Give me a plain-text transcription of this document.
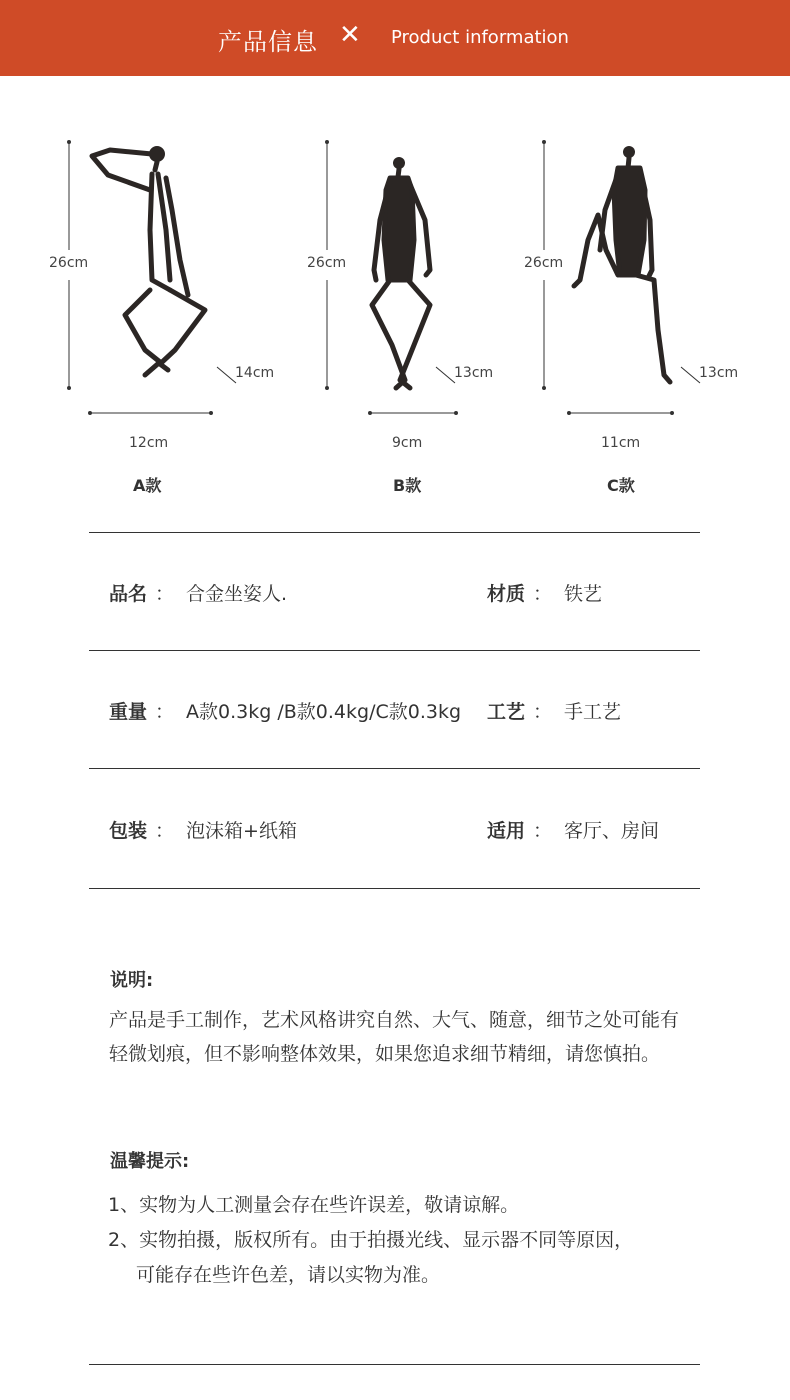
产品信息 ✕ Product information
26cm
14cm
12cm
A款
26cm
13cm
9cm
B款
26cm
13cm
11cm
C款
品名 ： 合金坐姿人.	材质 ： 铁艺
重量 ： A款0.3kg /B款0.4kg/C款0.3kg 工艺 ： 手工艺
包装 ： 泡沫箱+纸箱	适用 ： 客厅、房间
说明:
产品是手工制作，艺术风格讲究自然、大气、随意，细节之处可能有轻微划痕，但不影响整体效果，如果您追求细节精细，请您慎拍。
温馨提示:
1、实物为人工测量会存在些许误差，敬请谅解。
2、实物拍摄，版权所有。由于拍摄光线、显示器不同等原因，
可能存在些许色差，请以实物为准。
